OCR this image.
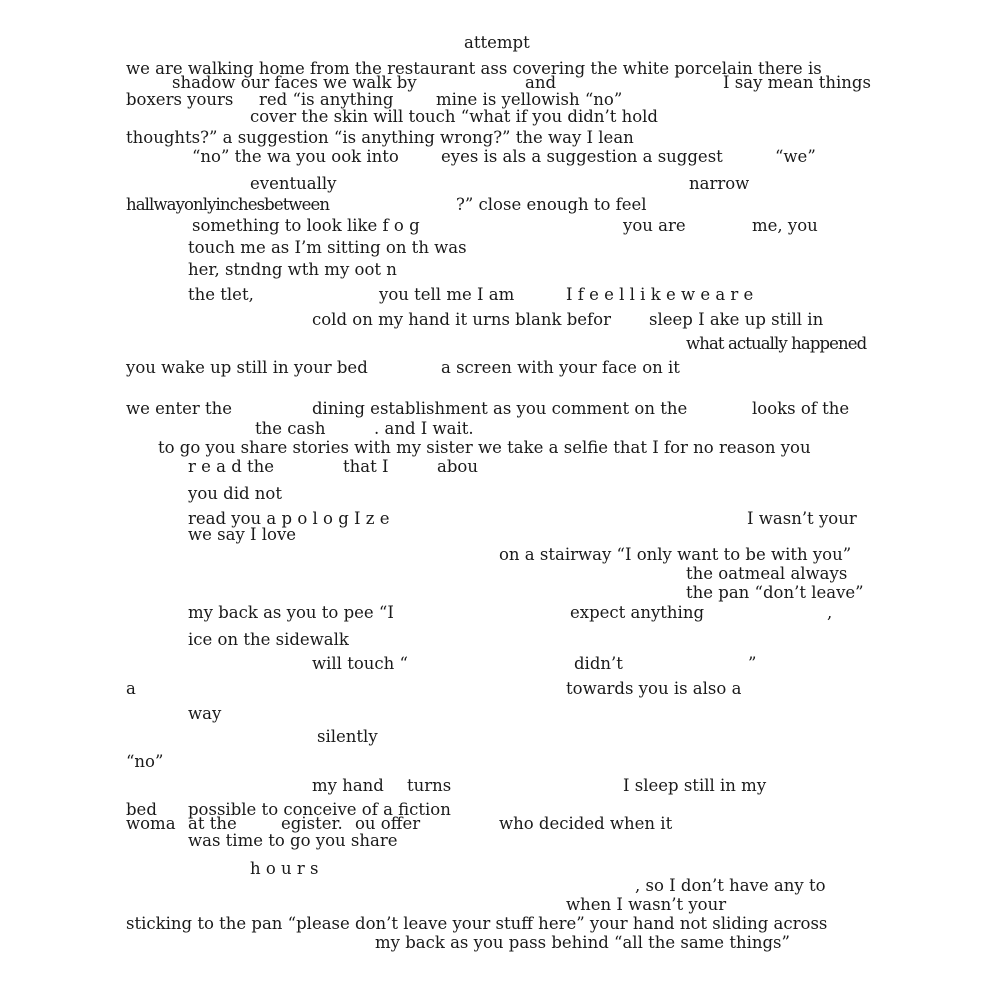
attempt
we are walking home from the restaurant ass covering the white porcelain there is
shadow our faces we walk by	and	I say mean things
boxers yours red “is anything	mine is yellowish “no”
cover the skin will touch “what if you didn’t hold
thoughts?” a suggestion “is anything wrong?” the way I lean
“no” the wa you ook into	eyes is als a suggestion a suggest	“we”
eventually	narrow
hallwayonlyinchesbetween	?” close enough to feel
something to look like f o g	you are	me, you
touch me as I’m sitting on th was
her, stndng wth my oot n
the tlet,	you tell me I am	I f e e l l i k e w e a r e
cold on my hand it urns blank befor sleep I ake up still in
what actually happened
you wake up still in your bed	a screen with your face on it
we enter the	dining establishment as you comment on the	looks of the
the cash	. and I wait.
to go you share stories with my sister we take a selfie that I for no reason you
r e a d the	that I	abou
you did not
read you a p o l o g I z e	I wasn’t your
we say I love
on a stairway “I only want to be with you”
the oatmeal always
the pan “don’t leave”
my back as you to pee “I	expect anything	,
ice on the sidewalk
will touch “	didn’t	”
a	towards you is also a
way
silently
“no”
my hand turns	I sleep still in my
bed possible to conceive of a fiction
woma at the	egister. ou offer	who decided when it
was time to go you share
h o u r s
, so I don’t have any to
when I wasn’t your
sticking to the pan “please don’t leave your stuff here” your hand not sliding across
my back as you pass behind “all the same things”
